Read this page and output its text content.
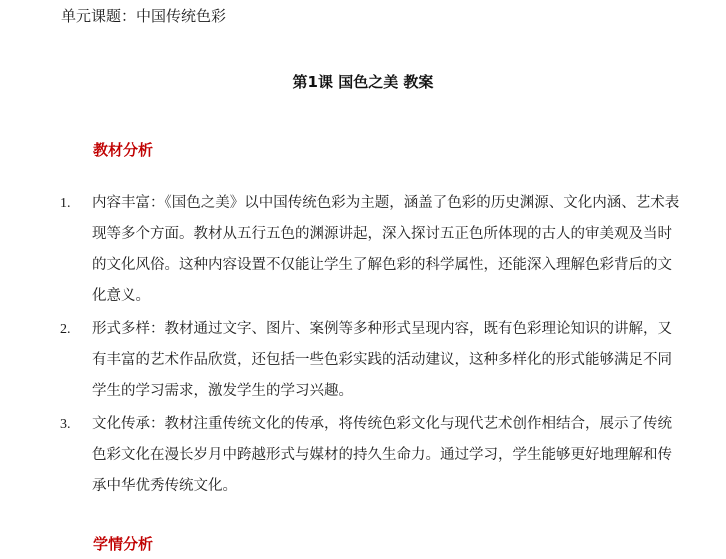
单元课题：中国传统色彩
第1课 国色之美 教案
教材分析
1.	内容丰富：《国色之美》以中国传统色彩为主题，涵盖了色彩的历史渊源、文化内涵、艺术表现等多个方面。教材从五行五色的渊源讲起，深入探讨五正色所体现的古人的审美观及当时的文化风俗。这种内容设置不仅能让学生了解色彩的科学属性，还能深入理解色彩背后的文化意义。
2.	形式多样：教材通过文字、图片、案例等多种形式呈现内容，既有色彩理论知识的讲解，又有丰富的艺术作品欣赏，还包括一些色彩实践的活动建议，这种多样化的形式能够满足不同学生的学习需求，激发学生的学习兴趣。
3.	文化传承：教材注重传统文化的传承，将传统色彩文化与现代艺术创作相结合，展示了传统色彩文化在漫长岁月中跨越形式与媒材的持久生命力。通过学习，学生能够更好地理解和传承中华优秀传统文化。
学情分析
